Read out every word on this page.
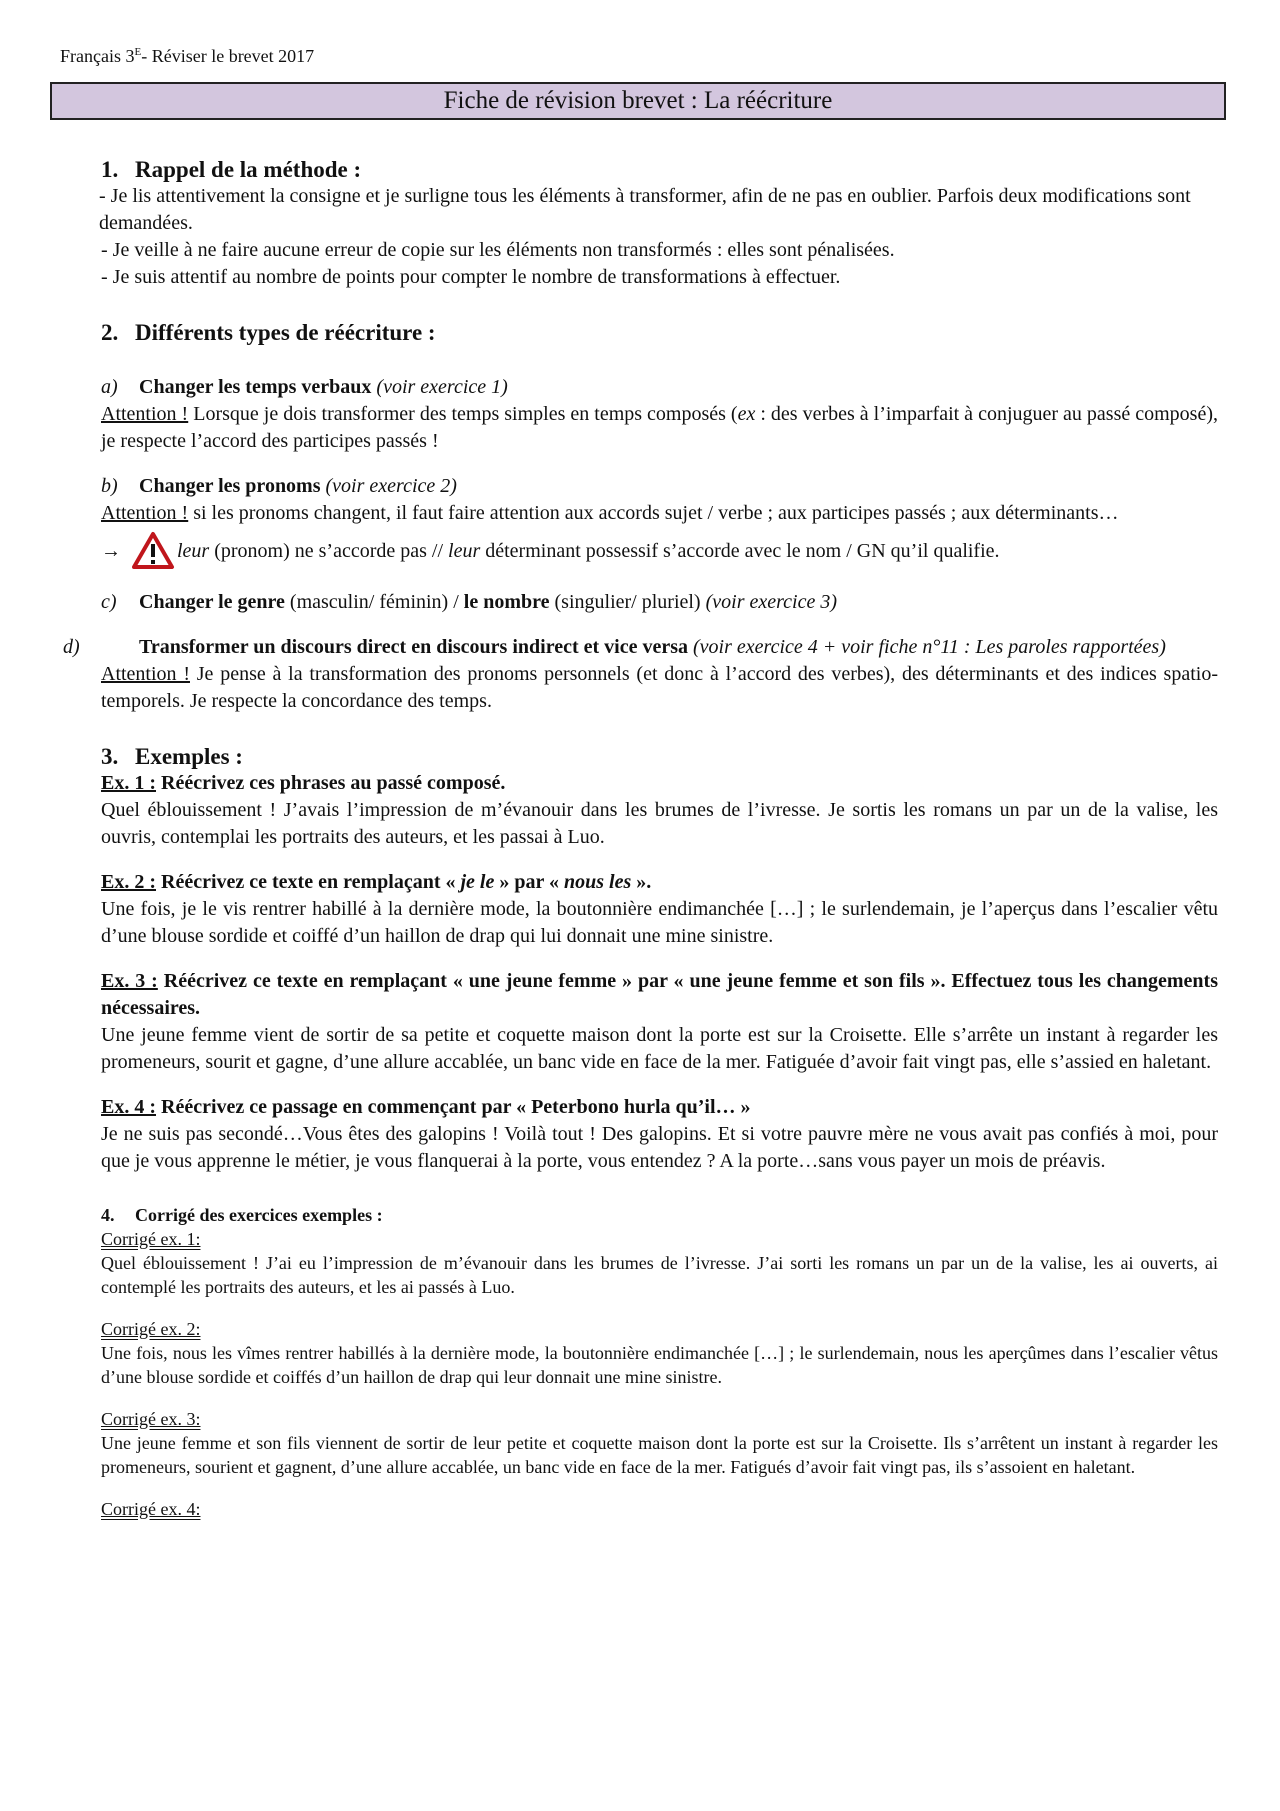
Français $3^E-$ Réviser le brevet 2017
Fiche de révision brevet : La réécriture

1. Rappel de la méthode :

- Je lis attentivement la consigne et je surligne tous les éléments à transformer, afin de ne pas en oublier. Parfois deux modifications sont demandées.

- Je veille à ne faire aucune erreur de copie sur les éléments non transformés : elles sont pénalisées.

- Je suis attentif au nombre de points pour compter le nombre de transformations à effectuer.

2. Différents types de réécriture :

a) Changer les temps verbaux (voir exercice 1)

Attention ! Lorsque je dois transformer des temps simples en temps composés (ex : des verbes à l’imparfait à conjuguer au passé composé), je respecte l’accord des participes passés !

b) Changer les pronoms (voir exercice 2)

Attention ! si les pronoms changent, il faut faire attention aux accords sujet / verbe ; aux participes passés ; aux déterminants…

→	leur (pronom) ne s’accorde pas // leur déterminant possessif s’accorde avec le nom / GN qu’il qualifie.

c) Changer le genre (masculin/ féminin) / le nombre (singulier/ pluriel) (voir exercice 3)

d)	Transformer un discours direct en discours indirect et vice versa (voir exercice 4 + voir fiche n°11 : Les paroles rapportées)

Attention ! Je pense à la transformation des pronoms personnels (et donc à l’accord des verbes), des déterminants et des indices spatio-temporels. Je respecte la concordance des temps.

3. Exemples :

Ex. 1 : Réécrivez ces phrases au passé composé.

Quel éblouissement ! J’avais l’impression de m’évanouir dans les brumes de l’ivresse. Je sortis les romans un par un de la valise, les ouvris, contemplai les portraits des auteurs, et les passai à Luo.

Ex. 2 : Réécrivez ce texte en remplaçant « je le » par « nous les ».

Une fois, je le vis rentrer habillé à la dernière mode, la boutonnière endimanchée […] ; le surlendemain, je l’aperçus dans l’escalier vêtu d’une blouse sordide et coiffé d’un haillon de drap qui lui donnait une mine sinistre.

Ex. 3 : Réécrivez ce texte en remplaçant « une jeune femme » par « une jeune femme et son fils ». Effectuez tous les changements nécessaires.

Une jeune femme vient de sortir de sa petite et coquette maison dont la porte est sur la Croisette. Elle s’arrête un instant à regarder les promeneurs, sourit et gagne, d’une allure accablée, un banc vide en face de la mer. Fatiguée d’avoir fait vingt pas, elle s’assied en haletant.

Ex. 4 : Réécrivez ce passage en commençant par « Peterbono hurla qu’il… »

Je ne suis pas secondé…Vous êtes des galopins ! Voilà tout ! Des galopins. Et si votre pauvre mère ne vous avait pas confiés à moi, pour que je vous apprenne le métier, je vous flanquerai à la porte, vous entendez ? A la porte…sans vous payer un mois de préavis.

4. Corrigé des exercices exemples :

Corrigé ex. 1:

Quel éblouissement ! J’ai eu l’impression de m’évanouir dans les brumes de l’ivresse. J’ai sorti les romans un par un de la valise, les ai ouverts, ai contemplé les portraits des auteurs, et les ai passés à Luo.

Corrigé ex. 2:

Une fois, nous les vîmes rentrer habillés à la dernière mode, la boutonnière endimanchée […] ; le surlendemain, nous les aperçûmes dans l’escalier vêtus d’une blouse sordide et coiffés d’un haillon de drap qui leur donnait une mine sinistre.

Corrigé ex. 3:

Une jeune femme et son fils viennent de sortir de leur petite et coquette maison dont la porte est sur la Croisette. Ils s’arrêtent un instant à regarder les promeneurs, sourient et gagnent, d’une allure accablée, un banc vide en face de la mer. Fatigués d’avoir fait vingt pas, ils s’assoient en haletant.

Corrigé ex. 4:
